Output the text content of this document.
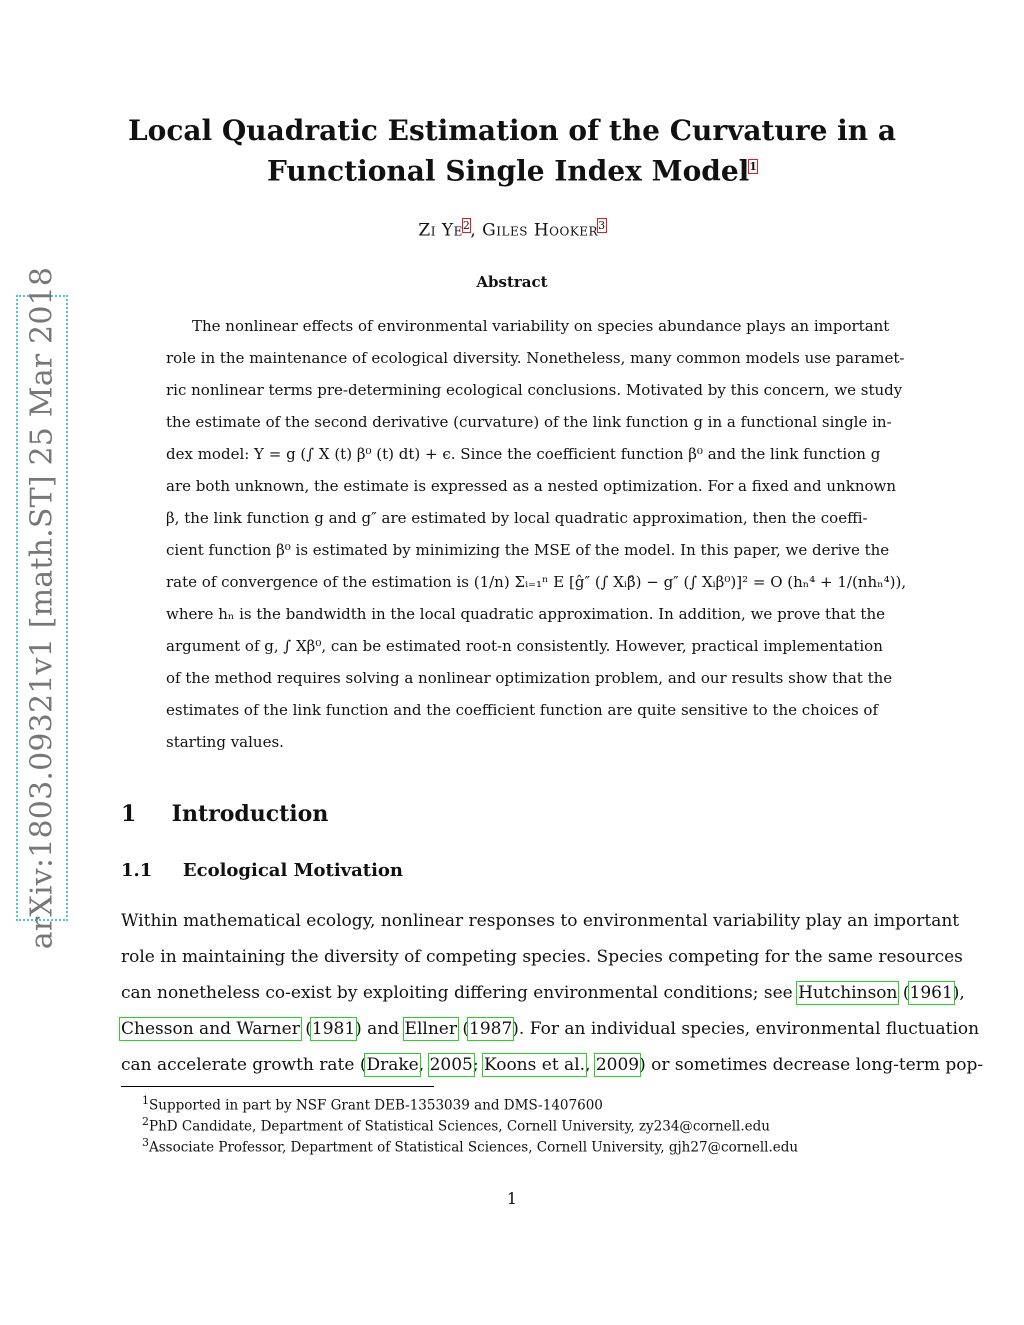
arXiv:1803.09321v1 [math.ST] 25 Mar 2018
Local Quadratic Estimation of the Curvature in a
Functional Single Index Model$^1$
Zi Ye$^2$, Giles Hooker$^3$
Abstract
The nonlinear effects of environmental variability on species abundance plays an important
role in the maintenance of ecological diversity. Nonetheless, many common models use paramet-
ric nonlinear terms pre-determining ecological conclusions. Motivated by this concern, we study
the estimate of the second derivative (curvature) of the link function g in a functional single in-
dex model: Y = g (∫ X (t) β⁰ (t) dt) + ϵ. Since the coefficient function β⁰ and the link function g
are both unknown, the estimate is expressed as a nested optimization. For a fixed and unknown
β, the link function g and g″ are estimated by local quadratic approximation, then the coeffi-
cient function β⁰ is estimated by minimizing the MSE of the model. In this paper, we derive the
rate of convergence of the estimation is (1/n) Σᵢ₌₁ⁿ E [ĝ″ (∫ Xᵢβ̂) − g″ (∫ Xᵢβ⁰)]² = O (hₙ⁴ + 1/(nhₙ⁴)),
where hₙ is the bandwidth in the local quadratic approximation. In addition, we prove that the
argument of g, ∫ Xβ⁰, can be estimated root-n consistently. However, practical implementation
of the method requires solving a nonlinear optimization problem, and our results show that the
estimates of the link function and the coefficient function are quite sensitive to the choices of
starting values.
1 Introduction
1.1 Ecological Motivation
Within mathematical ecology, nonlinear responses to environmental variability play an important
role in maintaining the diversity of competing species. Species competing for the same resources
can nonetheless co-exist by exploiting differing environmental conditions; see Hutchinson (1961),
Chesson and Warner (1981) and Ellner (1987). For an individual species, environmental fluctuation
can accelerate growth rate (Drake, 2005; Koons et al., 2009) or sometimes decrease long-term pop-
$^1$Supported in part by NSF Grant DEB-1353039 and DMS-1407600
$^2$PhD Candidate, Department of Statistical Sciences, Cornell University, zy234@cornell.edu
$^3$Associate Professor, Department of Statistical Sciences, Cornell University, gjh27@cornell.edu
1
